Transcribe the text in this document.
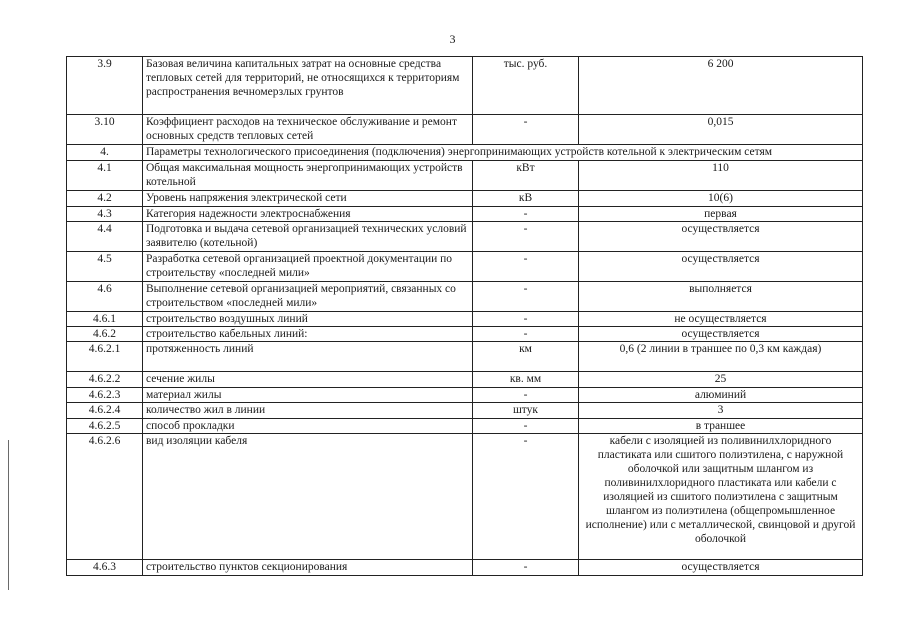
3
3.9	Базовая величина капитальных затрат на основные средства тепловых сетей для территорий, не относящихся к территориям распространения вечномерзлых грунтов	тыс. руб.	6 200
3.10	Коэффициент расходов на техническое обслуживание и ремонт основных средств тепловых сетей	-	0,015
4.	Параметры технологического присоединения (подключения) энергопринимающих устройств котельной к электрическим сетям		
4.1	Общая максимальная мощность энергопринимающих устройств котельной	кВт	110
4.2	Уровень напряжения электрической сети	кВ	10(6)
4.3	Категория надежности электроснабжения	-	первая
4.4	Подготовка и выдача сетевой организацией технических условий заявителю (котельной)	-	осуществляется
4.5	Разработка сетевой организацией проектной документации по строительству «последней мили»	-	осуществляется
4.6	Выполнение сетевой организацией мероприятий, связанных со строительством «последней мили»	-	выполняется
4.6.1	строительство воздушных линий	-	не осуществляется
4.6.2	строительство кабельных линий:	-	осуществляется
4.6.2.1	протяженность линий	км	0,6 (2 линии в траншее по 0,3 км каждая)
4.6.2.2	сечение жилы	кв. мм	25
4.6.2.3	материал жилы	-	алюминий
4.6.2.4	количество жил в линии	штук	3
4.6.2.5	способ прокладки	-	в траншее
4.6.2.6	вид изоляции кабеля	-	кабели с изоляцией из поливинилхлоридного пластиката или сшитого полиэтилена, с наружной оболочкой или защитным шлангом из поливинилхлоридного пластиката или кабели с изоляцией из сшитого полиэтилена с защитным шлангом из полиэтилена (общепромышленное исполнение) или с металлической, свинцовой и другой оболочкой
4.6.3	строительство пунктов секционирования	-	осуществляется
